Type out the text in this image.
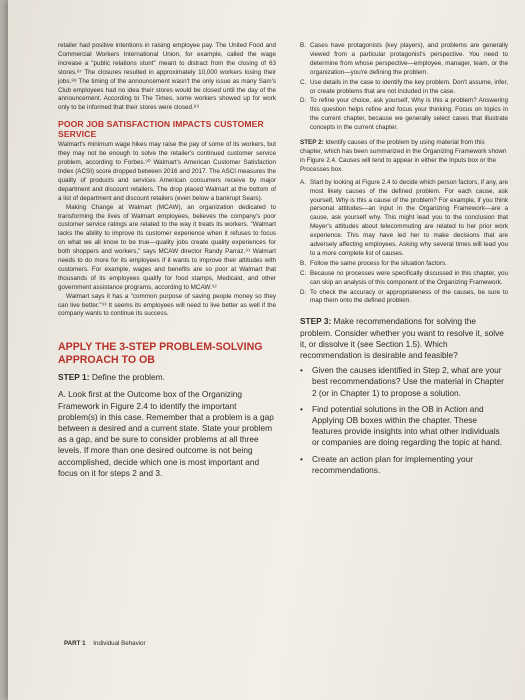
retailer had positive intentions in raising employee pay. The United Food and Commercial Workers International Union, for example, called the wage increase a "public relations stunt" meant to distract from the closing of 63 stores.⁸⁷ The closures resulted in approximately 10,000 workers losing their jobs.⁸⁸ The timing of the announcement wasn't the only issue as many Sam's Club employees had no idea their stores would be closed until the day of the announcement. According to The Times, some workers showed up for work only to be informed that their stores were closed.⁸⁹
POOR JOB SATISFACTION IMPACTS CUSTOMER SERVICE

Walmart's minimum wage hikes may raise the pay of some of its workers, but they may not be enough to solve the retailer's continued customer service problem, according to Forbes.⁹⁰ Walmart's American Customer Satisfaction Index (ACSI) score dropped between 2016 and 2017. The ASCI measures the quality of products and services American consumers receive by major department and discount retailers. The drop placed Walmart at the bottom of a list of department and discount retailers (even below a bankrupt Sears).

Making Change at Walmart (MCAW), an organization dedicated to transforming the lives of Walmart employees, believes the company's poor customer service ratings are related to the way it treats its workers. "Walmart lacks the ability to improve its customer experience when it refuses to focus on what we all know to be true—quality jobs create quality experiences for both shoppers and workers," says MCAW director Randy Parraz.⁹¹ Walmart needs to do more for its employees if it wants to improve their attitudes with customers. For example, wages and benefits are so poor at Walmart that thousands of its employees qualify for food stamps, Medicaid, and other government assistance programs, according to MCAW.⁹²

Walmart says it has a "common purpose of saving people money so they can live better."⁹³ It seems its employees will need to live better as well if the company wants to continue its success.

APPLY THE 3-STEP PROBLEM-SOLVING APPROACH TO OB
STEP 1: Define the problem.

A. Look first at the Outcome box of the Organizing Framework in Figure 2.4 to identify the important problem(s) in this case. Remember that a problem is a gap between a desired and a current state. State your problem as a gap, and be sure to consider problems at all three levels. If more than one desired outcome is not being accomplished, decide which one is most important and focus on it for steps 2 and 3.

B. Cases have protagonists (key players), and problems are generally viewed from a particular protagonist's perspective. You need to determine from whose perspective—employee, manager, team, or the organization—you're defining the problem.
C. Use details in the case to identify the key problem. Don't assume, infer, or create problems that are not included in the case.
D. To refine your choice, ask yourself, Why is this a problem? Answering this question helps refine and focus your thinking. Focus on topics in the current chapter, because we generally select cases that illustrate concepts in the current chapter.
STEP 2: Identify causes of the problem by using material from this chapter, which has been summarized in the Organizing Framework shown in Figure 2.4. Causes will tend to appear in either the Inputs box or the Processes box.
A. Start by looking at Figure 2.4 to decide which person factors, if any, are most likely causes of the defined problem. For each cause, ask yourself, Why is this a cause of the problem? For example, if you think personal attitudes—an input in the Organizing Framework—are a cause, ask yourself why. This might lead you to the conclusion that Meyer's attitudes about telecommuting are related to her prior work experience. This may have led her to make decisions that are adversely affecting employees. Asking why several times will lead you to a more complete list of causes.
B. Follow the same process for the situation factors.
C. Because no processes were specifically discussed in this chapter, you can skip an analysis of this component of the Organizing Framework.
D. To check the accuracy or appropriateness of the causes, be sure to map them onto the defined problem.
STEP 3: Make recommendations for solving the problem. Consider whether you want to resolve it, solve it, or dissolve it (see Section 1.5). Which recommendation is desirable and feasible?
•	Given the causes identified in Step 2, what are your best recommendations? Use the material in Chapter 2 (or in Chapter 1) to propose a solution.
•	Find potential solutions in the OB in Action and Applying OB boxes within the chapter. These features provide insights into what other individuals or companies are doing regarding the topic at hand.
•	Create an action plan for implementing your recommendations.
PART 1 Individual Behavior
